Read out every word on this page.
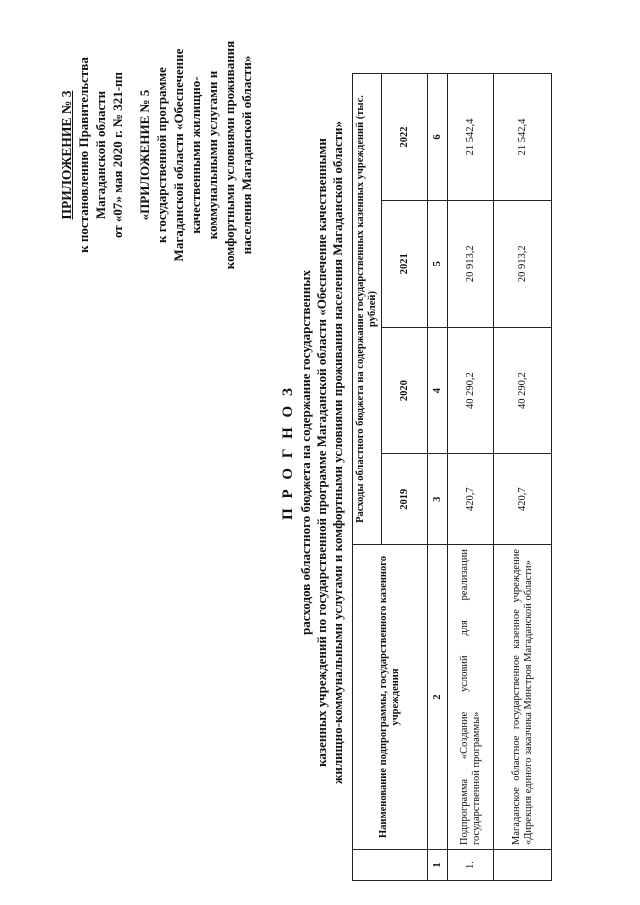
ПРИЛОЖЕНИЕ № 3 к постановлению Правительства Магаданской области от «07» мая 2020 г. № 321-пп «ПРИЛОЖЕНИЕ № 5 к государственной программе Магаданской области «Обеспечение качественными жилищно- коммунальными услугами и комфортными условиями проживания населения Магаданской области»
П Р О Г Н О З расходов областного бюджета на содержание государственных казенных учреждений по государственной программе Магаданской области «Обеспечение качественными жилищно-коммунальными услугами и комфортными условиями проживания населения Магаданской области»
		Наименование подпрограммы, государственного казенного учреждения	Расходы областного бюджета на содержание государственных казенных учреждений (тыс. рублей)			
		2019	2020	2021	2022
1	2	3	4	5	6
1.	Подпрограмма «Создание условий для реализации государственной программы»	420,7	40 290,2	20 913,2	21 542,4
	Магаданское областное государственное казенное учреждение «Дирекция единого заказчика Минстроя Магаданской области»	420,7	40 290,2	20 913,2	21 542,4
